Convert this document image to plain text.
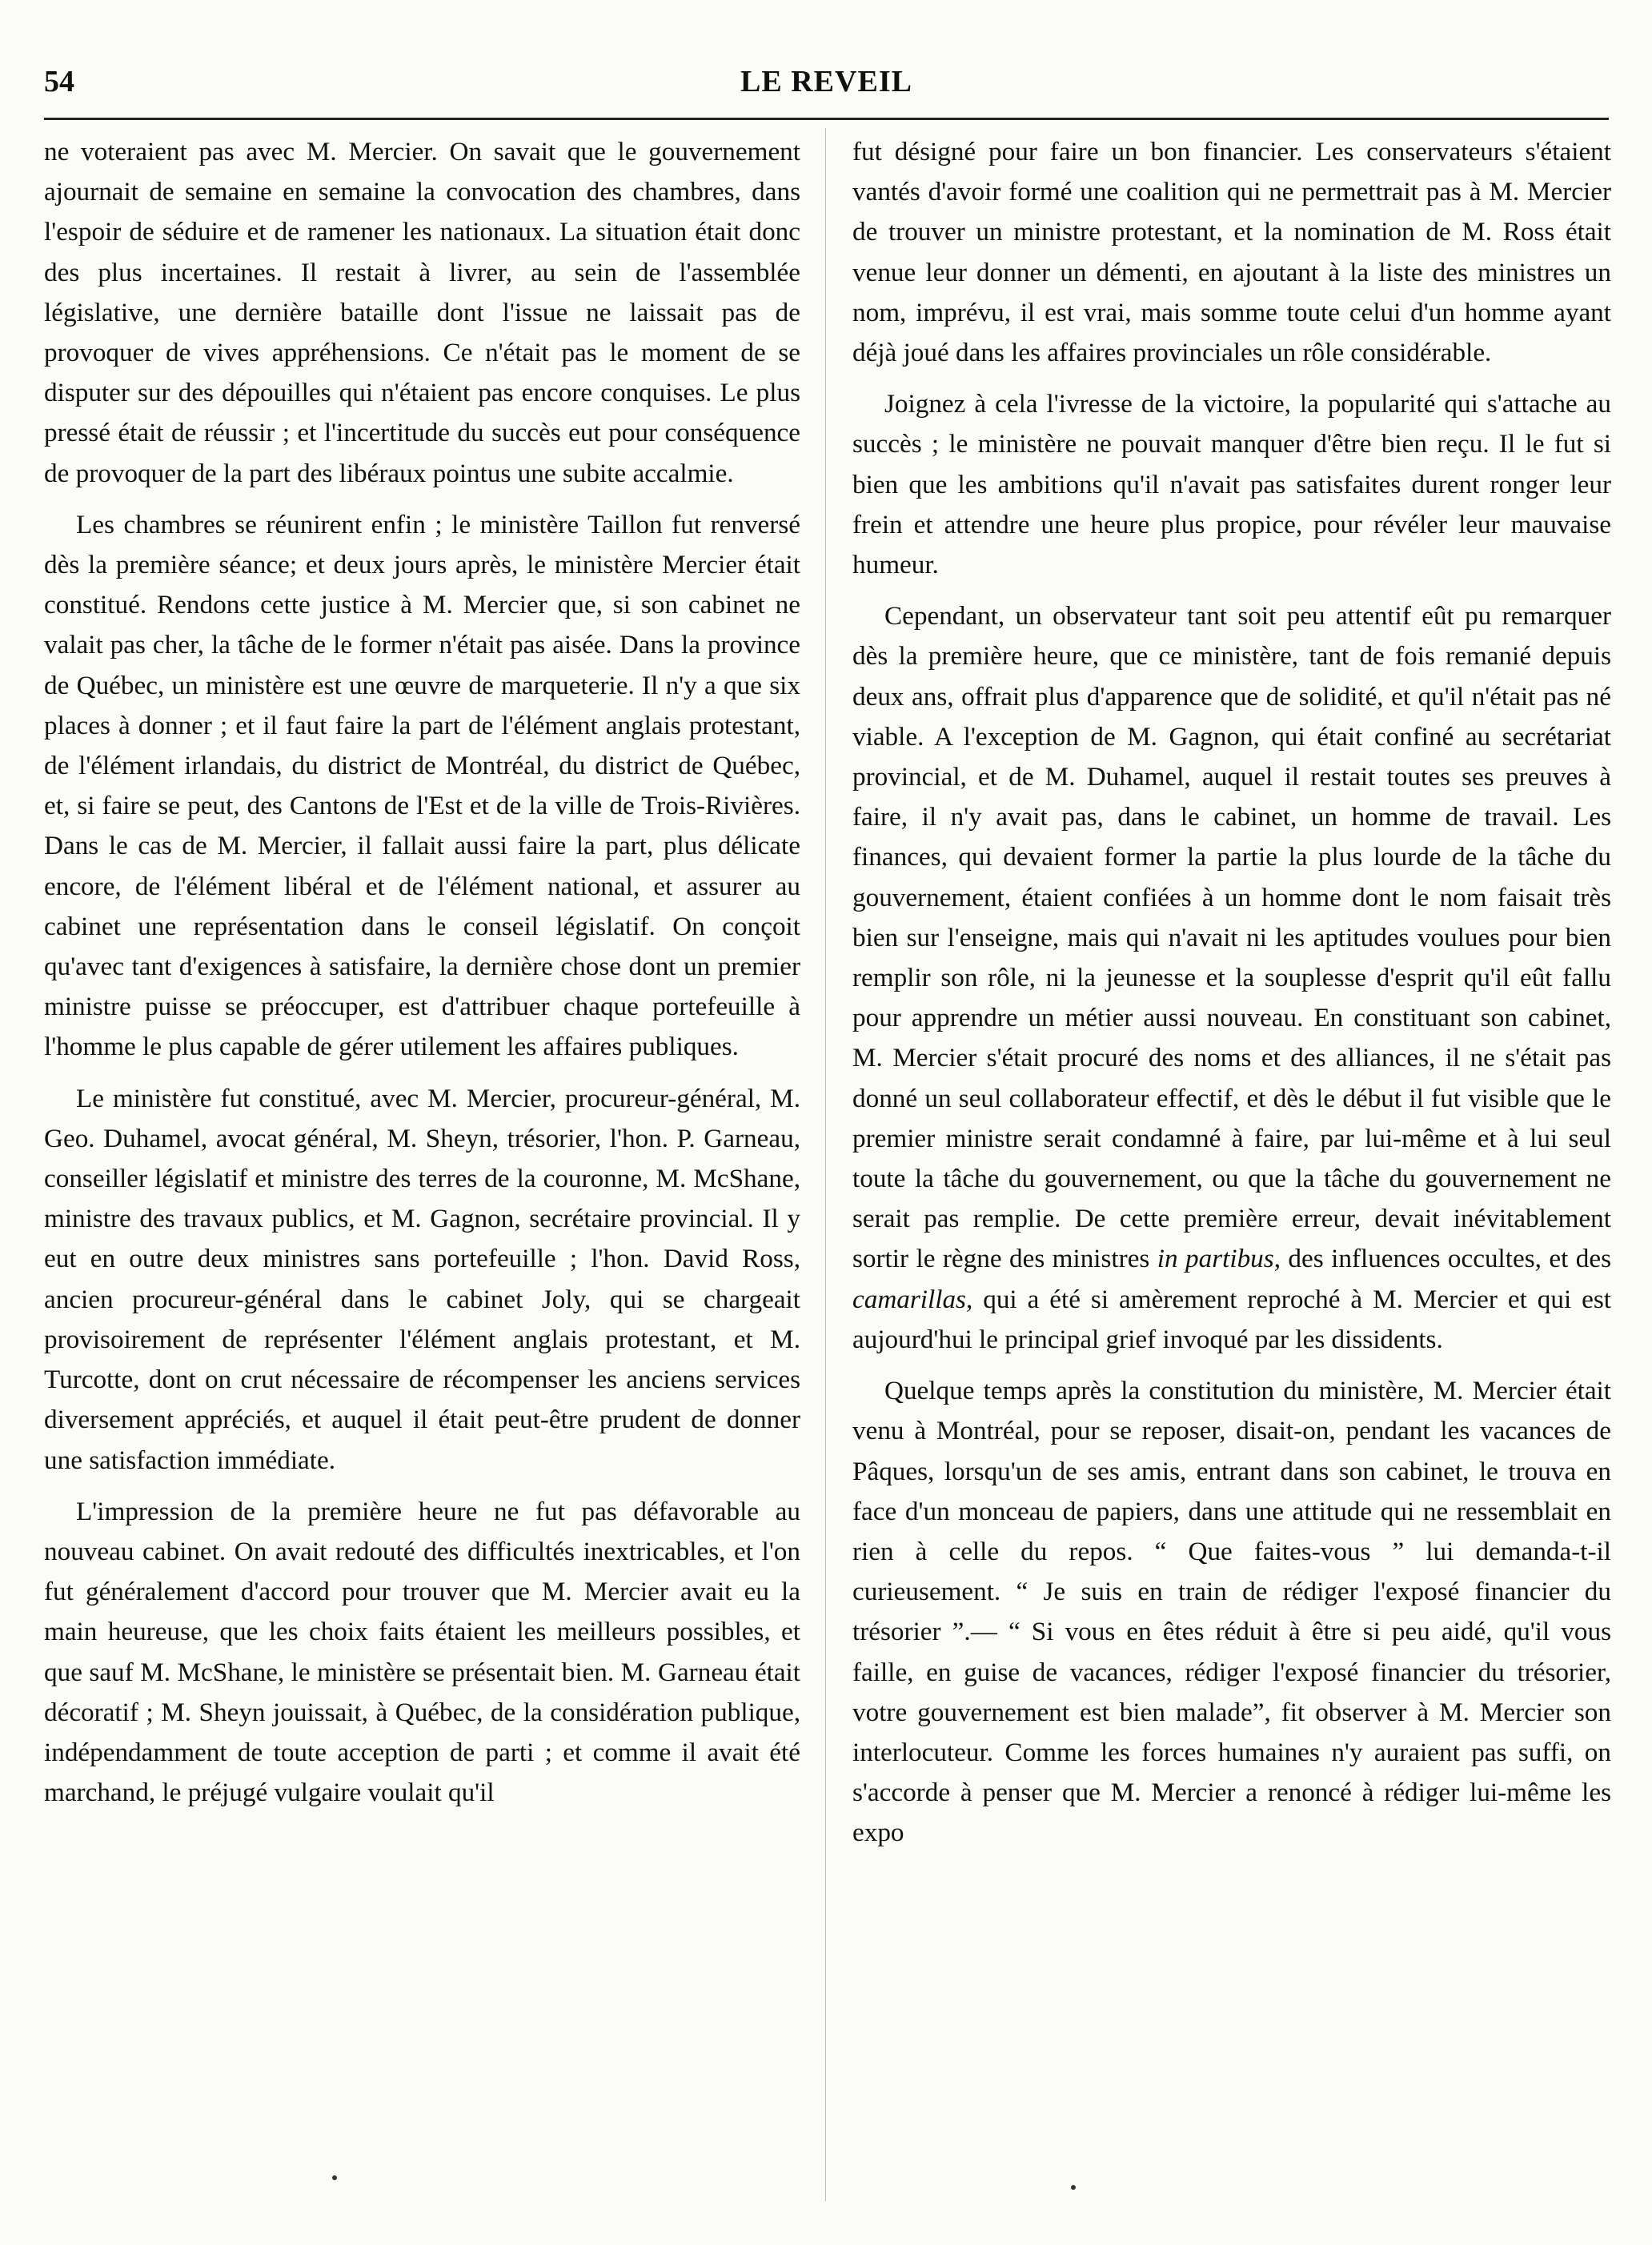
54	LE REVEIL

ne voteraient pas avec M. Mercier. On savait que le gouvernement ajournait de semaine en semaine la convocation des chambres, dans l'espoir de séduire et de ramener les nationaux. La situation était donc des plus incertaines. Il restait à livrer, au sein de l'assemblée législative, une dernière bataille dont l'issue ne laissait pas de provoquer de vives appréhensions. Ce n'était pas le moment de se disputer sur des dépouilles qui n'étaient pas encore conquises. Le plus pressé était de réussir ; et l'incertitude du succès eut pour conséquence de provoquer de la part des libéraux pointus une subite accalmie.

Les chambres se réunirent enfin ; le ministère Taillon fut renversé dès la première séance; et deux jours après, le ministère Mercier était constitué. Rendons cette justice à M. Mercier que, si son cabinet ne valait pas cher, la tâche de le former n'était pas aisée. Dans la province de Québec, un ministère est une œuvre de marqueterie. Il n'y a que six places à donner ; et il faut faire la part de l'élément anglais protestant, de l'élément irlandais, du district de Montréal, du district de Québec, et, si faire se peut, des Cantons de l'Est et de la ville de Trois-Rivières. Dans le cas de M. Mercier, il fallait aussi faire la part, plus délicate encore, de l'élément libéral et de l'élément national, et assurer au cabinet une représentation dans le conseil législatif. On conçoit qu'avec tant d'exigences à satisfaire, la dernière chose dont un premier ministre puisse se préoccuper, est d'attribuer chaque portefeuille à l'homme le plus capable de gérer utilement les affaires publiques.

Le ministère fut constitué, avec M. Mercier, procureur-général, M. Geo. Duhamel, avocat général, M. Sheyn, trésorier, l'hon. P. Garneau, conseiller législatif et ministre des terres de la couronne, M. McShane, ministre des travaux publics, et M. Gagnon, secrétaire provincial. Il y eut en outre deux ministres sans portefeuille ; l'hon. David Ross, ancien procureur-général dans le cabinet Joly, qui se chargeait provisoirement de représenter l'élément anglais protestant, et M. Turcotte, dont on crut nécessaire de récompenser les anciens services diversement appréciés, et auquel il était peut-être prudent de donner une satisfaction immédiate.

L'impression de la première heure ne fut pas défavorable au nouveau cabinet. On avait redouté des difficultés inextricables, et l'on fut généralement d'accord pour trouver que M. Mercier avait eu la main heureuse, que les choix faits étaient les meilleurs possibles, et que sauf M. McShane, le ministère se présentait bien. M. Garneau était décoratif ; M. Sheyn jouissait, à Québec, de la considération publique, indépendamment de toute acception de parti ; et comme il avait été marchand, le préjugé vulgaire voulait qu'il

fut désigné pour faire un bon financier. Les conservateurs s'étaient vantés d'avoir formé une coalition qui ne permettrait pas à M. Mercier de trouver un ministre protestant, et la nomination de M. Ross était venue leur donner un démenti, en ajoutant à la liste des ministres un nom, imprévu, il est vrai, mais somme toute celui d'un homme ayant déjà joué dans les affaires provinciales un rôle considérable.

Joignez à cela l'ivresse de la victoire, la popularité qui s'attache au succès ; le ministère ne pouvait manquer d'être bien reçu. Il le fut si bien que les ambitions qu'il n'avait pas satisfaites durent ronger leur frein et attendre une heure plus propice, pour révéler leur mauvaise humeur.

Cependant, un observateur tant soit peu attentif eût pu remarquer dès la première heure, que ce ministère, tant de fois remanié depuis deux ans, offrait plus d'apparence que de solidité, et qu'il n'était pas né viable. A l'exception de M. Gagnon, qui était confiné au secrétariat provincial, et de M. Duhamel, auquel il restait toutes ses preuves à faire, il n'y avait pas, dans le cabinet, un homme de travail. Les finances, qui devaient former la partie la plus lourde de la tâche du gouvernement, étaient confiées à un homme dont le nom faisait très bien sur l'enseigne, mais qui n'avait ni les aptitudes voulues pour bien remplir son rôle, ni la jeunesse et la souplesse d'esprit qu'il eût fallu pour apprendre un métier aussi nouveau. En constituant son cabinet, M. Mercier s'était procuré des noms et des alliances, il ne s'était pas donné un seul collaborateur effectif, et dès le début il fut visible que le premier ministre serait condamné à faire, par lui-même et à lui seul toute la tâche du gouvernement, ou que la tâche du gouvernement ne serait pas remplie. De cette première erreur, devait inévitablement sortir le règne des ministres in partibus, des influences occultes, et des camarillas, qui a été si amèrement reproché à M. Mercier et qui est aujourd'hui le principal grief invoqué par les dissidents.

Quelque temps après la constitution du ministère, M. Mercier était venu à Montréal, pour se reposer, disait-on, pendant les vacances de Pâques, lorsqu'un de ses amis, entrant dans son cabinet, le trouva en face d'un monceau de papiers, dans une attitude qui ne ressemblait en rien à celle du repos. “ Que faites-vous ” lui demanda-t-il curieusement. “ Je suis en train de rédiger l'exposé financier du trésorier ”.— “ Si vous en êtes réduit à être si peu aidé, qu'il vous faille, en guise de vacances, rédiger l'exposé financier du trésorier, votre gouvernement est bien malade”, fit observer à M. Mercier son interlocuteur. Comme les forces humaines n'y auraient pas suffi, on s'accorde à penser que M. Mercier a renoncé à rédiger lui-même les expo
